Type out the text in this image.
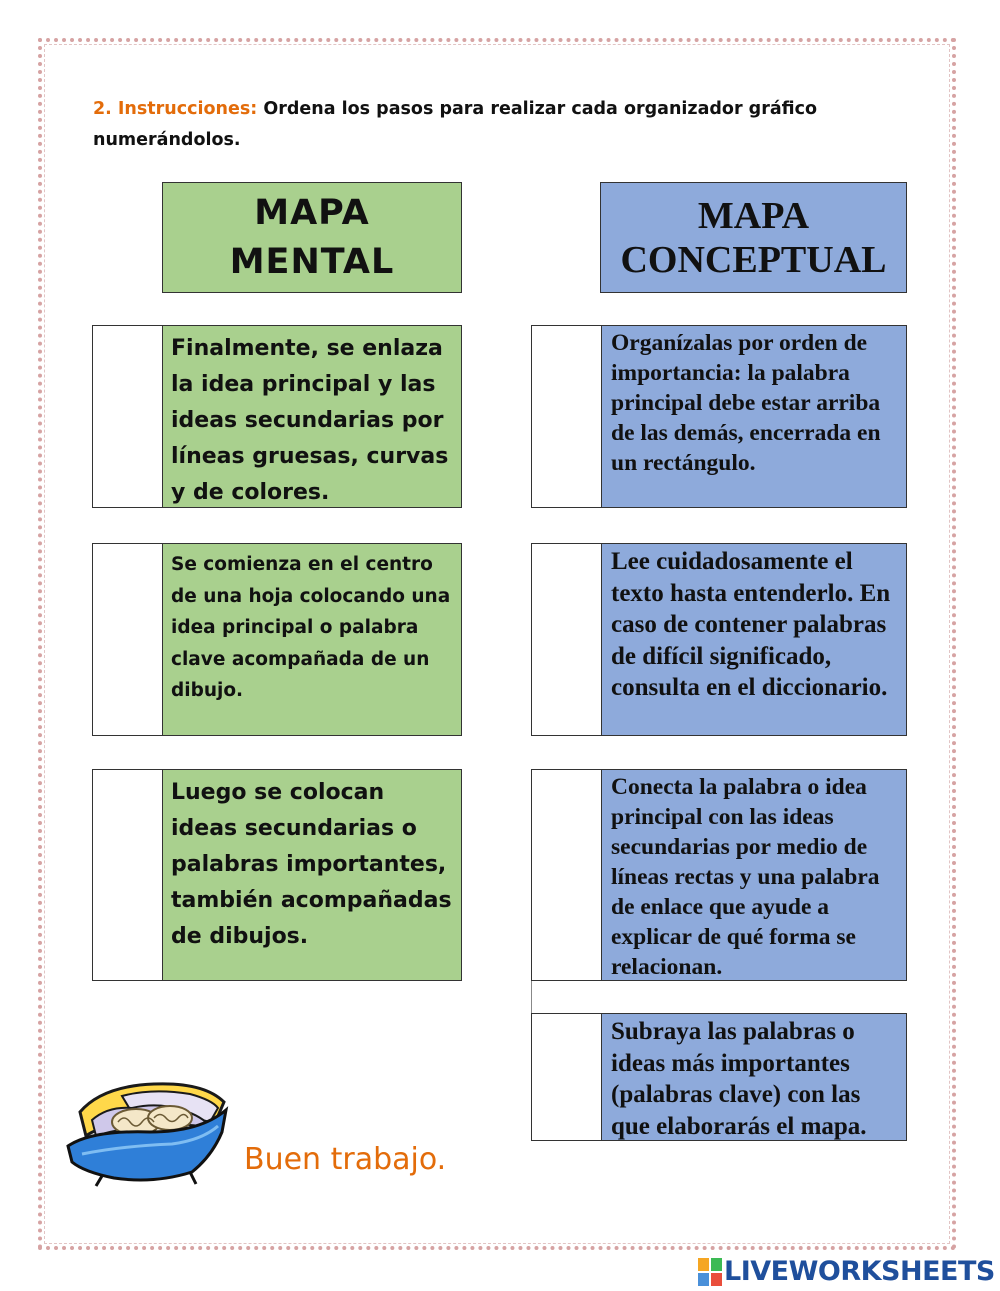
2. Instrucciones: Ordena los pasos para realizar cada organizador gráfico numerándolos.
MAPA
MENTAL
MAPA
CONCEPTUAL
Finalmente, se enlaza la idea principal y las ideas secundarias por líneas gruesas, curvas y de colores.
Se comienza en el centro de una hoja colocando una idea principal o palabra clave acompañada de un dibujo.
Luego se colocan ideas secundarias o palabras importantes, también acompañadas de dibujos.
Organízalas por orden de importancia: la palabra principal debe estar arriba de las demás, encerrada en un rectángulo.
Lee cuidadosamente el texto hasta entenderlo. En caso de contener palabras de difícil significado, consulta en el diccionario.
Conecta la palabra o idea principal con las ideas secundarias por medio de líneas rectas y una palabra de enlace que ayude a explicar de qué forma se relacionan.
Subraya las palabras o ideas más importantes (palabras clave) con las que elaborarás el mapa.
Buen trabajo.
LIVEWORKSHEETS
